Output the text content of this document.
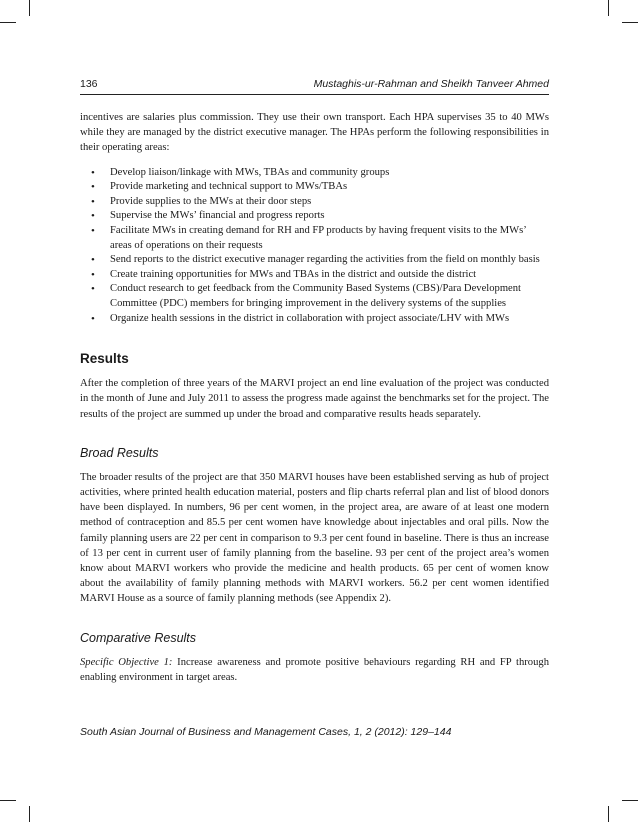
136	Mustaghis-ur-Rahman and Sheikh Tanveer Ahmed

incentives are salaries plus commission. They use their own transport. Each HPA supervises 35 to 40 MWs while they are managed by the district executive manager. The HPAs perform the following responsibilities in their operating areas:

• Develop liaison/linkage with MWs, TBAs and community groups
• Provide marketing and technical support to MWs/TBAs
• Provide supplies to the MWs at their door steps
• Supervise the MWs’ financial and progress reports
• Facilitate MWs in creating demand for RH and FP products by having frequent visits to the MWs’ areas of operations on their requests
• Send reports to the district executive manager regarding the activities from the field on monthly basis
• Create training opportunities for MWs and TBAs in the district and outside the district
• Conduct research to get feedback from the Community Based Systems (CBS)/Para Development Committee (PDC) members for bringing improvement in the delivery systems of the supplies
• Organize health sessions in the district in collaboration with project associate/LHV with MWs
Results

After the completion of three years of the MARVI project an end line evaluation of the project was conducted in the month of June and July 2011 to assess the progress made against the benchmarks set for the project. The results of the project are summed up under the broad and comparative results heads separately.

Broad Results

The broader results of the project are that 350 MARVI houses have been established serving as hub of project activities, where printed health education material, posters and flip charts referral plan and list of blood donors have been displayed. In numbers, 96 per cent women, in the project area, are aware of at least one modern method of contraception and 85.5 per cent women have knowledge about injectables and oral pills. Now the family planning users are 22 per cent in comparison to 9.3 per cent found in baseline. There is thus an increase of 13 per cent in current user of family planning from the baseline. 93 per cent of the project area’s women know about MARVI workers who provide the medicine and health products. 65 per cent of women know about the availability of family planning methods with MARVI workers. 56.2 per cent women identified MARVI House as a source of family planning methods (see Appendix 2).

Comparative Results

Specific Objective 1: Increase awareness and promote positive behaviours regarding RH and FP through enabling environment in target areas.

South Asian Journal of Business and Management Cases, 1, 2 (2012): 129–144
